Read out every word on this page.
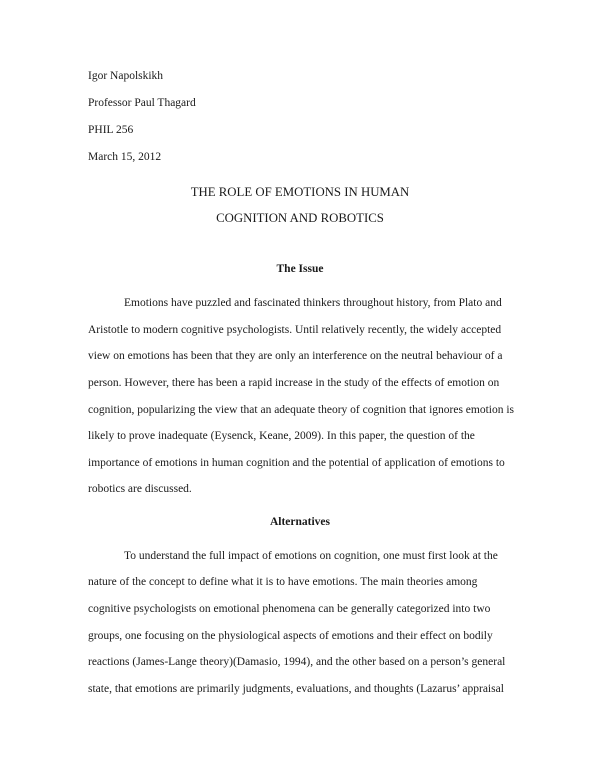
Igor Napolskikh
Professor Paul Thagard
PHIL 256
March 15, 2012
THE ROLE OF EMOTIONS IN HUMAN
COGNITION AND ROBOTICS
The Issue
Emotions have puzzled and fascinated thinkers throughout history, from Plato and
Aristotle to modern cognitive psychologists. Until relatively recently, the widely accepted
view on emotions has been that they are only an interference on the neutral behaviour of a
person. However, there has been a rapid increase in the study of the effects of emotion on
cognition, popularizing the view that an adequate theory of cognition that ignores emotion is
likely to prove inadequate (Eysenck, Keane, 2009). In this paper, the question of the
importance of emotions in human cognition and the potential of application of emotions to
robotics are discussed.
Alternatives
To understand the full impact of emotions on cognition, one must first look at the
nature of the concept to define what it is to have emotions. The main theories among
cognitive psychologists on emotional phenomena can be generally categorized into two
groups, one focusing on the physiological aspects of emotions and their effect on bodily
reactions (James-Lange theory)(Damasio, 1994), and the other based on a person’s general
state, that emotions are primarily judgments, evaluations, and thoughts (Lazarus’ appraisal
